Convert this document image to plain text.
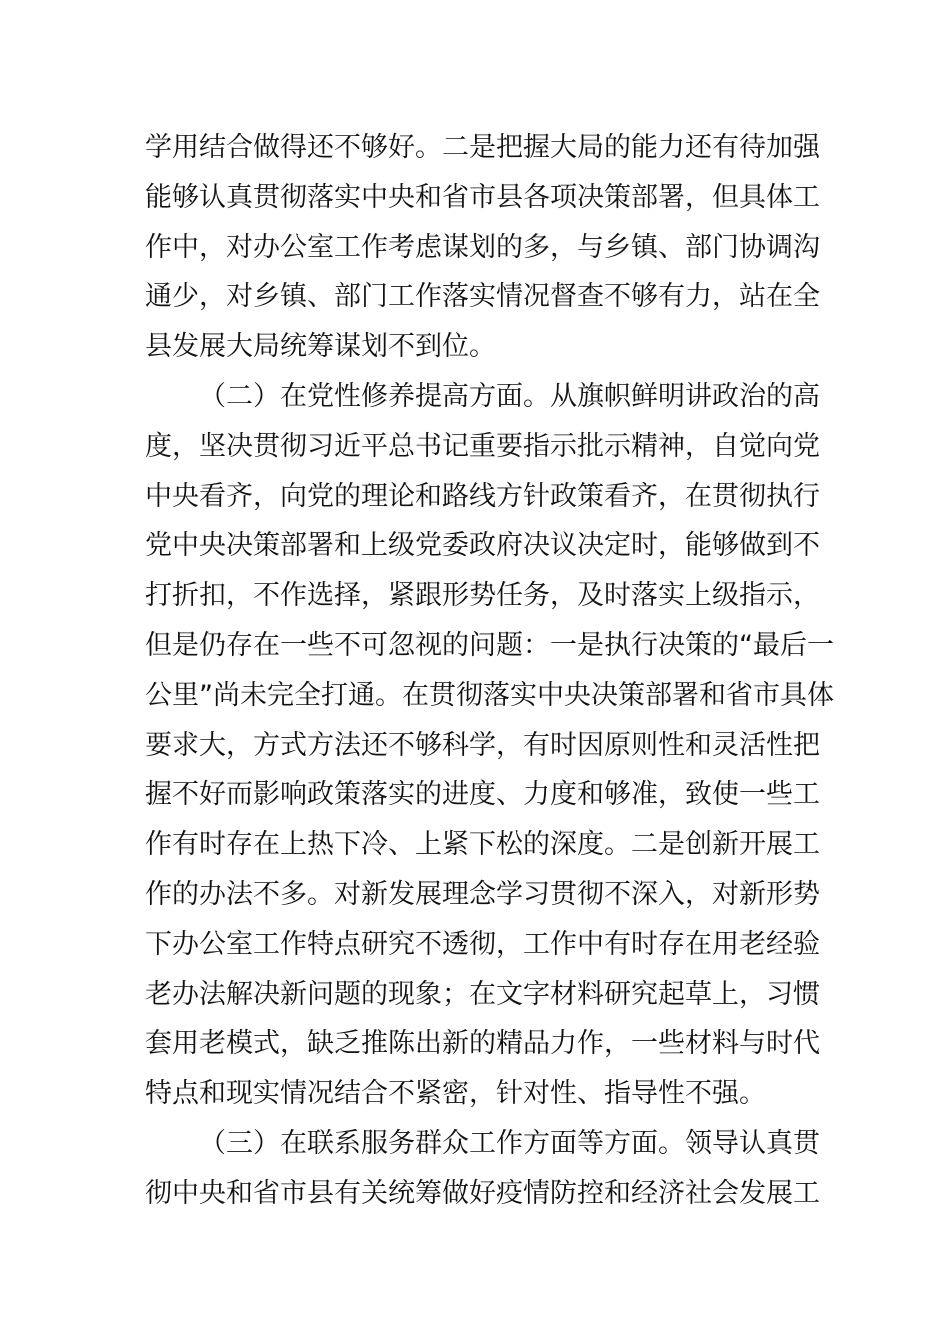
学用结合做得还不够好。二是把握大局的能力还有待加强
能够认真贯彻落实中央和省市县各项决策部署，但具体工
作中，对办公室工作考虑谋划的多，与乡镇、部门协调沟
通少，对乡镇、部门工作落实情况督查不够有力，站在全
县发展大局统筹谋划不到位。
（二）在党性修养提高方面。从旗帜鲜明讲政治的高
度，坚决贯彻习近平总书记重要指示批示精神，自觉向党
中央看齐，向党的理论和路线方针政策看齐，在贯彻执行
党中央决策部署和上级党委政府决议决定时，能够做到不
打折扣，不作选择，紧跟形势任务，及时落实上级指示，
但是仍存在一些不可忽视的问题：一是执行决策的“最后一
公里”尚未完全打通。在贯彻落实中央决策部署和省市具体
要求大，方式方法还不够科学，有时因原则性和灵活性把
握不好而影响政策落实的进度、力度和够准，致使一些工
作有时存在上热下冷、上紧下松的深度。二是创新开展工
作的办法不多。对新发展理念学习贯彻不深入，对新形势
下办公室工作特点研究不透彻，工作中有时存在用老经验
老办法解决新问题的现象；在文字材料研究起草上，习惯
套用老模式，缺乏推陈出新的精品力作，一些材料与时代
特点和现实情况结合不紧密，针对性、指导性不强。
（三）在联系服务群众工作方面等方面。领导认真贯
彻中央和省市县有关统筹做好疫情防控和经济社会发展工
